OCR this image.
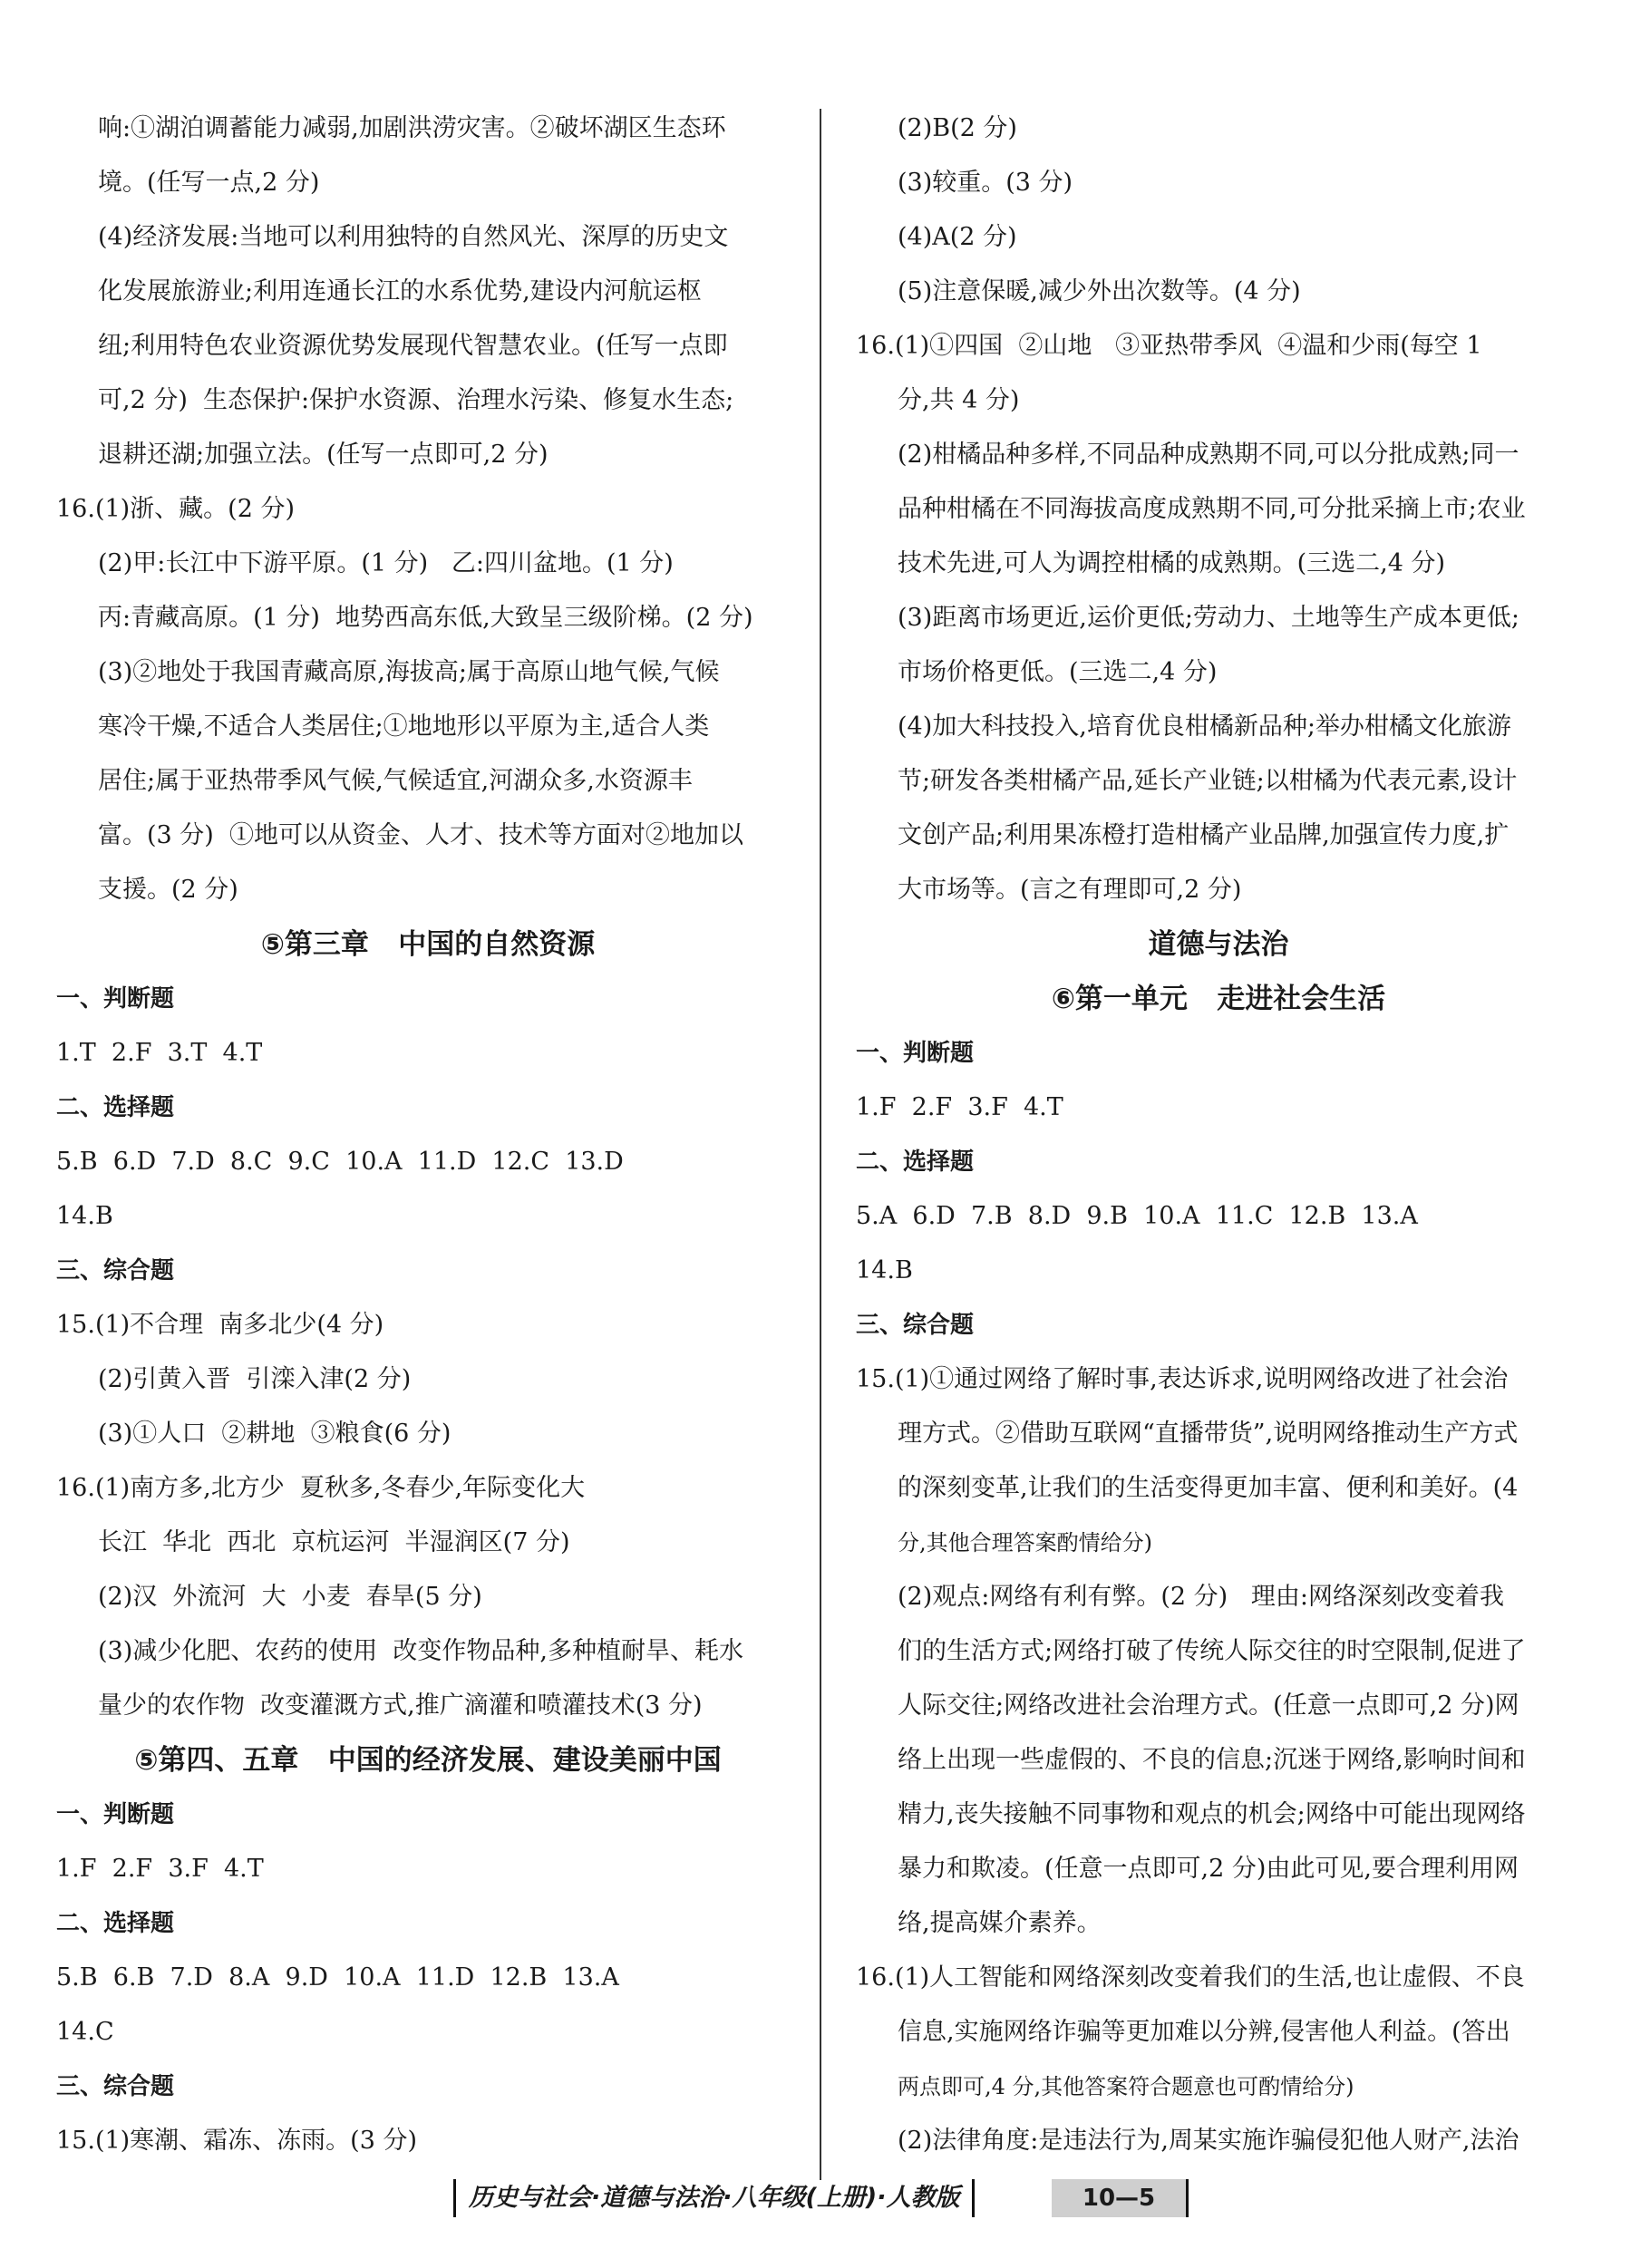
响:①湖泊调蓄能力减弱,加剧洪涝灾害。②破坏湖区生态环
境。(任写一点,2 分)
(4)经济发展:当地可以利用独特的自然风光、深厚的历史文
化发展旅游业;利用连通长江的水系优势,建设内河航运枢
纽;利用特色农业资源优势发展现代智慧农业。(任写一点即
可,2 分)  生态保护:保护水资源、治理水污染、修复水生态;
退耕还湖;加强立法。(任写一点即可,2 分)
16.(1)浙、藏。(2 分)
(2)甲:长江中下游平原。(1 分)   乙:四川盆地。(1 分)
丙:青藏高原。(1 分)  地势西高东低,大致呈三级阶梯。(2 分)
(3)②地处于我国青藏高原,海拔高;属于高原山地气候,气候
寒冷干燥,不适合人类居住;①地地形以平原为主,适合人类
居住;属于亚热带季风气候,气候适宜,河湖众多,水资源丰
富。(3 分)  ①地可以从资金、人才、技术等方面对②地加以
支援。(2 分)
⑤第三章   中国的自然资源
一、判断题
1.T  2.F  3.T  4.T
二、选择题
5.B  6.D  7.D  8.C  9.C  10.A  11.D  12.C  13.D
14.B
三、综合题
15.(1)不合理  南多北少(4 分)
(2)引黄入晋  引滦入津(2 分)
(3)①人口  ②耕地  ③粮食(6 分)
16.(1)南方多,北方少  夏秋多,冬春少,年际变化大
长江  华北  西北  京杭运河  半湿润区(7 分)
(2)汉  外流河  大  小麦  春旱(5 分)
(3)减少化肥、农药的使用  改变作物品种,多种植耐旱、耗水
量少的农作物  改变灌溉方式,推广滴灌和喷灌技术(3 分)
⑤第四、五章   中国的经济发展、建设美丽中国
一、判断题
1.F  2.F  3.F  4.T
二、选择题
5.B  6.B  7.D  8.A  9.D  10.A  11.D  12.B  13.A
14.C
三、综合题
15.(1)寒潮、霜冻、冻雨。(3 分)
(2)B(2 分)
(3)较重。(3 分)
(4)A(2 分)
(5)注意保暖,减少外出次数等。(4 分)
16.(1)①四国  ②山地   ③亚热带季风  ④温和少雨(每空 1
分,共 4 分)
(2)柑橘品种多样,不同品种成熟期不同,可以分批成熟;同一
品种柑橘在不同海拔高度成熟期不同,可分批采摘上市;农业
技术先进,可人为调控柑橘的成熟期。(三选二,4 分)
(3)距离市场更近,运价更低;劳动力、土地等生产成本更低;
市场价格更低。(三选二,4 分)
(4)加大科技投入,培育优良柑橘新品种;举办柑橘文化旅游
节;研发各类柑橘产品,延长产业链;以柑橘为代表元素,设计
文创产品;利用果冻橙打造柑橘产业品牌,加强宣传力度,扩
大市场等。(言之有理即可,2 分)
道德与法治
⑥第一单元   走进社会生活
一、判断题
1.F  2.F  3.F  4.T
二、选择题
5.A  6.D  7.B  8.D  9.B  10.A  11.C  12.B  13.A
14.B
三、综合题
15.(1)①通过网络了解时事,表达诉求,说明网络改进了社会治
理方式。②借助互联网“直播带货”,说明网络推动生产方式
的深刻变革,让我们的生活变得更加丰富、便利和美好。(4
分,其他合理答案酌情给分)
(2)观点:网络有利有弊。(2 分)   理由:网络深刻改变着我
们的生活方式;网络打破了传统人际交往的时空限制,促进了
人际交往;网络改进社会治理方式。(任意一点即可,2 分)网
络上出现一些虚假的、不良的信息;沉迷于网络,影响时间和
精力,丧失接触不同事物和观点的机会;网络中可能出现网络
暴力和欺凌。(任意一点即可,2 分)由此可见,要合理利用网
络,提高媒介素养。
16.(1)人工智能和网络深刻改变着我们的生活,也让虚假、不良
信息,实施网络诈骗等更加难以分辨,侵害他人利益。(答出
两点即可,4 分,其他答案符合题意也可酌情给分)
(2)法律角度:是违法行为,周某实施诈骗侵犯他人财产,法治
历史与社会·道德与法治·八年级(上册)·人教版	10—5
